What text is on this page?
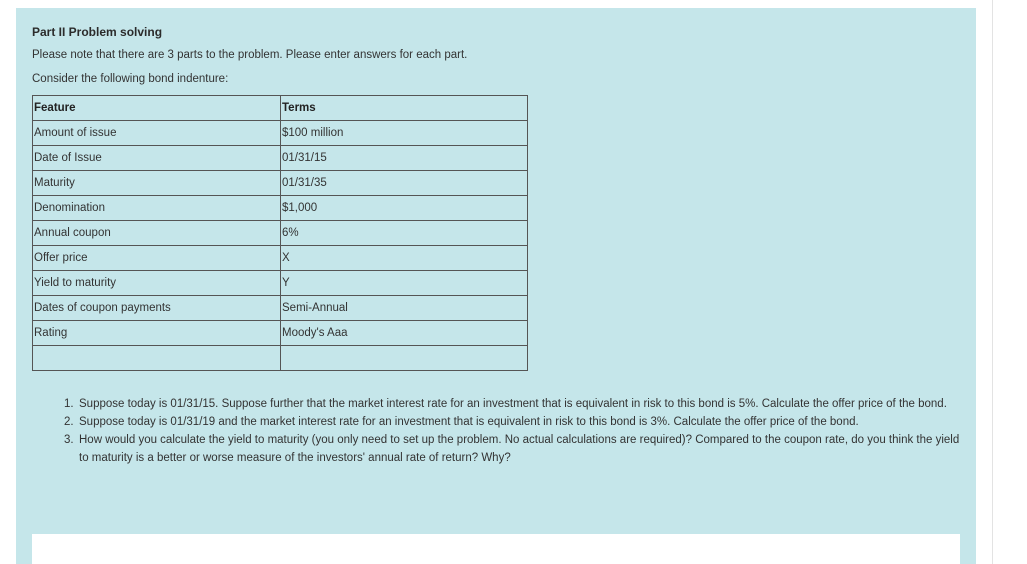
Part II Problem solving
Please note that there are 3 parts to the problem. Please enter answers for each part.
Consider the following bond indenture:
Feature	Terms
Amount of issue	$100 million
Date of Issue	01/31/15
Maturity	01/31/35
Denomination	$1,000
Annual coupon	6%
Offer price	X
Yield to maturity	Y
Dates of coupon payments	Semi-Annual
Rating	Moody's Aaa

1. Suppose today is 01/31/15. Suppose further that the market interest rate for an investment that is equivalent in risk to this bond is 5%. Calculate the offer price of the bond.
2. Suppose today is 01/31/19 and the market interest rate for an investment that is equivalent in risk to this bond is 3%. Calculate the offer price of the bond.
3. How would you calculate the yield to maturity (you only need to set up the problem. No actual calculations are required)? Compared to the coupon rate, do you think the yield to maturity is a better or worse measure of the investors' annual rate of return? Why?
